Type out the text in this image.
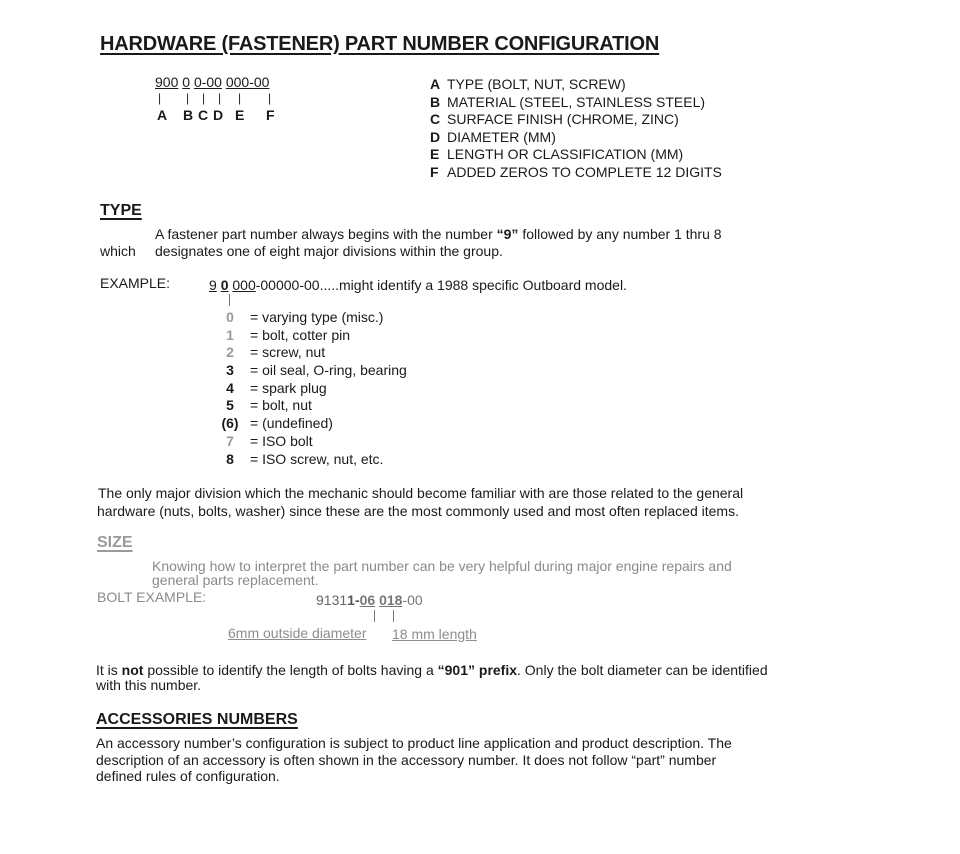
HARDWARE (FASTENER) PART NUMBER CONFIGURATION
900 0 0-00 000-00
| | | | | |
A B C D E F
A TYPE (BOLT, NUT, SCREW)
B MATERIAL (STEEL, STAINLESS STEEL)
C SURFACE FINISH (CHROME, ZINC)
D DIAMETER (MM)
E LENGTH OR CLASSIFICATION (MM)
F ADDED ZEROS TO COMPLETE 12 DIGITS
TYPE
A fastener part number always begins with the number “9” followed by any number 1 thru 8
which designates one of eight major divisions within the group.
EXAMPLE:	9 0 000-00000-00.....might identify a 1988 specific Outboard model.
0	= varying type (misc.)
1	= bolt, cotter pin
2	= screw, nut
3	= oil seal, O-ring, bearing
4	= spark plug
5	= bolt, nut
(6) = (undefined)
7	= ISO bolt
8	= ISO screw, nut, etc.
The only major division which the mechanic should become familiar with are those related to the general
hardware (nuts, bolts, washer) since these are the most commonly used and most often replaced items.
SIZE
Knowing how to interpret the part number can be very helpful during major engine repairs and
general parts replacement.
BOLT EXAMPLE:	91311-06 018-00
6mm outside diameter 18 mm length
It is not possible to identify the length of bolts having a “901” prefix. Only the bolt diameter can be identified
with this number.
ACCESSORIES NUMBERS
An accessory number’s configuration is subject to product line application and product description. The
description of an accessory is often shown in the accessory number. It does not follow “part” number
defined rules of configuration.
